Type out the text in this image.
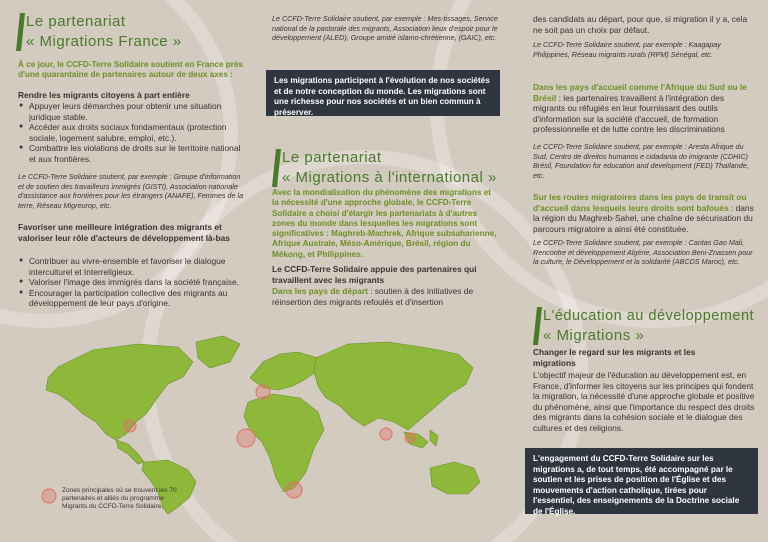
Le partenariat
« Migrations France »

À ce jour, le CCFD-Terre Solidaire soutient en France près d'une quarantaine de partenaires autour de deux axes :

Rendre les migrants citoyens à part entière

● Appuyer leurs démarches pour obtenir une situation juridique stable.
● Accéder aux droits sociaux fondamentaux (protection sociale, logement salubre, emploi, etc.).
● Combattre les violations de droits sur le territoire national et aux frontières.

Le CCFD-Terre Solidaire soutient, par exemple : Groupe d'information et de soutien des travailleurs immigrés (GISTI), Association nationale d'assistance aux frontières pour les étrangers (ANAFE), Femmes de la terre, Réseau Migreurop, etc.

Favoriser une meilleure intégration des migrants et valoriser leur rôle d'acteurs de développement là-bas

● Contribuer au vivre-ensemble et favoriser le dialogue interculturel et Interreligieux.
● Valoriser l'image des immigrés dans la société française.
● Encourager la participation collective des migrants au développement de leur pays d'origine.

Le CCFD-Terre Solidaire soutient, par exemple : Mes-tissages, Service national de la pastorale des migrants, Association lieux d'espoir pour le développement (ALED), Groupe amitié islamo-chrétienne, (GAIC), etc.

Les migrations participent à l'évolution de nos sociétés et de notre conception du monde. Les migrations sont une richesse pour nos sociétés et un bien commun à préserver.
Le partenariat
« Migrations à l'international »

Avec la mondialisation du phénomène des migrations et la nécessité d'une approche globale, le CCFD-Terre Solidaire a choisi d'élargir les partenariats à d'autres zones du monde dans lesquelles les migrations sont significatives : Maghreb-Machrek, Afrique subsaharienne, Afrique Australe, Méso-Amérique, Brésil, région du Mékong, et Philippines.

Le CCFD-Terre Solidaire appuie des partenaires qui travaillent avec les migrants

Dans les pays de départ : soutien à des initiatives de réinsertion des migrants refoulés et d'insertion

des candidats au départ, pour que, si migration il y a, cela ne soit pas un choix par défaut.

Le CCFD-Terre Solidaire soutient, par exemple : Kaagapay Philippines, Réseau migrants rurals (RPM) Sénégal, etc.

Dans les pays d'accueil comme l'Afrique du Sud ou le Brésil : les partenaires travaillent à l'intégration des migrants ou réfugiés en leur fournissant des outils d'information sur la société d'accueil, de formation professionnelle et de lutte contre les discriminations

Le CCFD-Terre Solidaire soutient, par exemple : Aresta Afrique du Sud, Centro de direitos humanos e cidadania do imigrante (CDHIC) Brésil, Foundation for education and development (FED) Thaïlande, etc.

Sur les routes migratoires dans les pays de transit ou d'accueil dans lesquels leurs droits sont bafoués : dans la région du Maghreb-Sahel, une chaîne de sécurisation du parcours migratoire a ainsi été constituée.

Le CCFD-Terre Solidaire soutient, par exemple : Caritas Gao Mali, Rencontre et développement Algérie, Association Beni-Znassen pour la culture, le Développement et la solidarité (ABCDS Maroc), etc.

L'éducation au développement
« Migrations »

Changer le regard sur les migrants et les migrations

L'objectif majeur de l'éducation au développement est, en France, d'informer les citoyens sur les principes qui fondent la migration, la nécessité d'une approche globale et positive du phénomène, ainsi que l'importance du respect des droits des migrants dans la cohésion sociale et le dialogue des cultures et des religions.

L'engagement du CCFD-Terre Solidaire sur les migrations a, de tout temps, été accompagné par le soutien et les prises de position de l'Église et des mouvements d'action catholique, tirées pour l'essentiel, des enseignements de la Doctrine sociale de l'Église.
Zones principales où se trouvent les 70 partenaires et alliés du programme Migrants du CCFD-Terre Solidaire.
